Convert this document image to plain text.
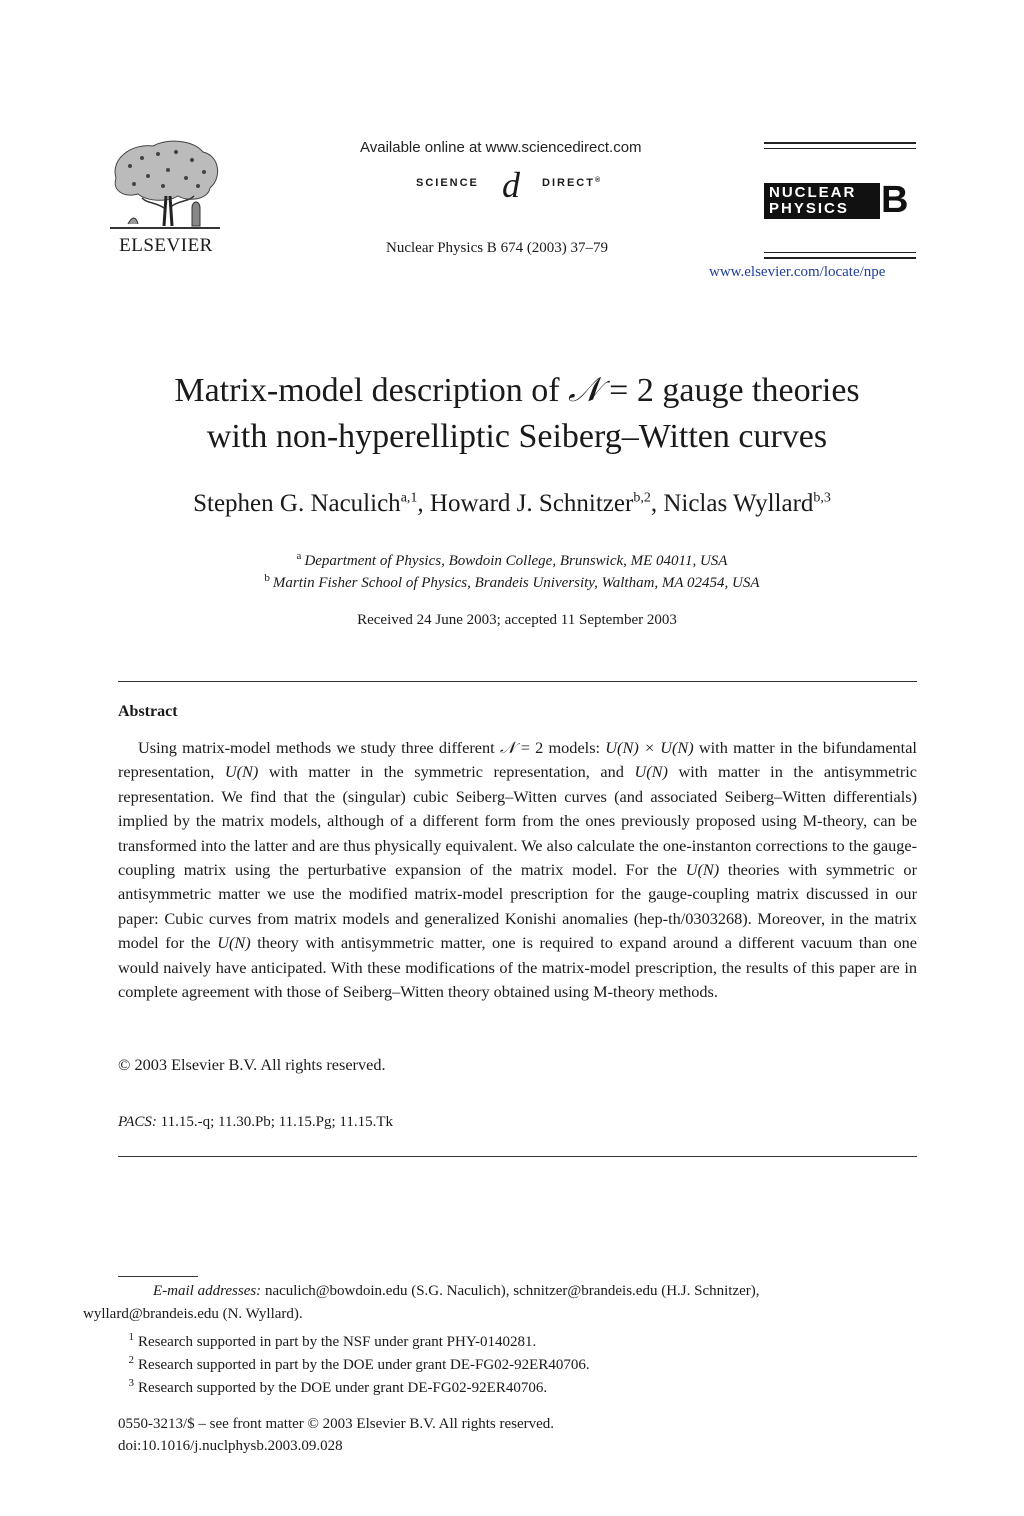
ELSEVIER
Available online at www.sciencedirect.com
SCIENCE d DIRECT®
Nuclear Physics B 674 (2003) 37–79
NUCLEAR
PHYSICS B
www.elsevier.com/locate/npe
Matrix-model description of 𝒩 = 2 gauge theories
with non-hyperelliptic Seiberg–Witten curves
Stephen G. Naculich$^{a,1}$, Howard J. Schnitzer$^{b,2}$, Niclas Wyllard$^{b,3}$
$^a$ Department of Physics, Bowdoin College, Brunswick, ME 04011, USA
$^b$ Martin Fisher School of Physics, Brandeis University, Waltham, MA 02454, USA
Received 24 June 2003; accepted 11 September 2003
Abstract
Using matrix-model methods we study three different 𝒩 = 2 models: U(N) × U(N) with matter in the bifundamental representation, U(N) with matter in the symmetric representation, and U(N) with matter in the antisymmetric representation. We find that the (singular) cubic Seiberg–Witten curves (and associated Seiberg–Witten differentials) implied by the matrix models, although of a different form from the ones previously proposed using M-theory, can be transformed into the latter and are thus physically equivalent. We also calculate the one-instanton corrections to the gauge-coupling matrix using the perturbative expansion of the matrix model. For the U(N) theories with symmetric or antisymmetric matter we use the modified matrix-model prescription for the gauge-coupling matrix discussed in our paper: Cubic curves from matrix models and generalized Konishi anomalies (hep-th/0303268). Moreover, in the matrix model for the U(N) theory with antisymmetric matter, one is required to expand around a different vacuum than one would naively have anticipated. With these modifications of the matrix-model prescription, the results of this paper are in complete agreement with those of Seiberg–Witten theory obtained using M-theory methods.
© 2003 Elsevier B.V. All rights reserved.
PACS: 11.15.-q; 11.30.Pb; 11.15.Pg; 11.15.Tk
E-mail addresses: naculich@bowdoin.edu (S.G. Naculich), schnitzer@brandeis.edu (H.J. Schnitzer),
wyllard@brandeis.edu (N. Wyllard).
$^1$ Research supported in part by the NSF under grant PHY-0140281.
$^2$ Research supported in part by the DOE under grant DE-FG02-92ER40706.
$^3$ Research supported by the DOE under grant DE-FG02-92ER40706.
0550-3213/$ – see front matter © 2003 Elsevier B.V. All rights reserved.
doi:10.1016/j.nuclphysb.2003.09.028
